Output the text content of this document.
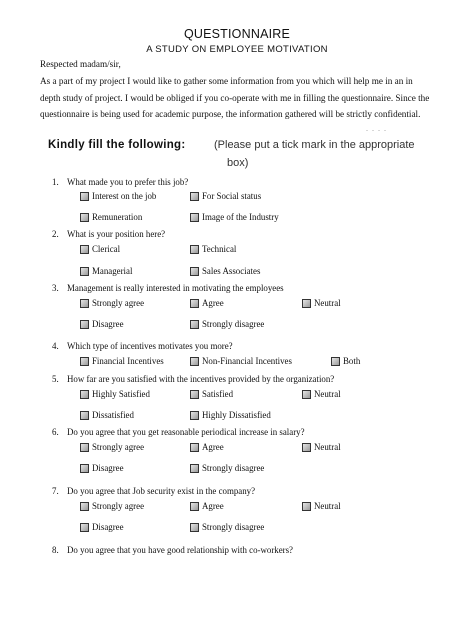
QUESTIONNAIRE
A STUDY ON EMPLOYEE MOTIVATION
Respected madam/sir,
As a part of my project I would like to gather some information from you which will help me in an in
depth study of project. I would be obliged if you co-operate with me in filling the questionnaire. Since the
questionnaire is being used for academic purpose, the information gathered will be strictly confidential.
. . . .
Kindly fill the following:	(Please put a tick mark in the appropriate
box)
1. What made you to prefer this job?
Interest on the job	For Social status
Remuneration	Image of the Industry
2. What is your position here?
Clerical	Technical
Managerial	Sales Associates
3. Management is really interested in motivating the employees
Strongly agree	Agree	Neutral
Disagree	Strongly disagree
4. Which type of incentives motivates you more?
Financial Incentives	Non-Financial Incentives	Both
5. How far are you satisfied with the incentives provided by the organization?
Highly Satisfied	Satisfied	Neutral
Dissatisfied	Highly Dissatisfied
6. Do you agree that you get reasonable periodical increase in salary?
Strongly agree	Agree	Neutral
Disagree	Strongly disagree
7. Do you agree that Job security exist in the company?
Strongly agree	Agree	Neutral
Disagree	Strongly disagree
8. Do you agree that you have good relationship with co-workers?
